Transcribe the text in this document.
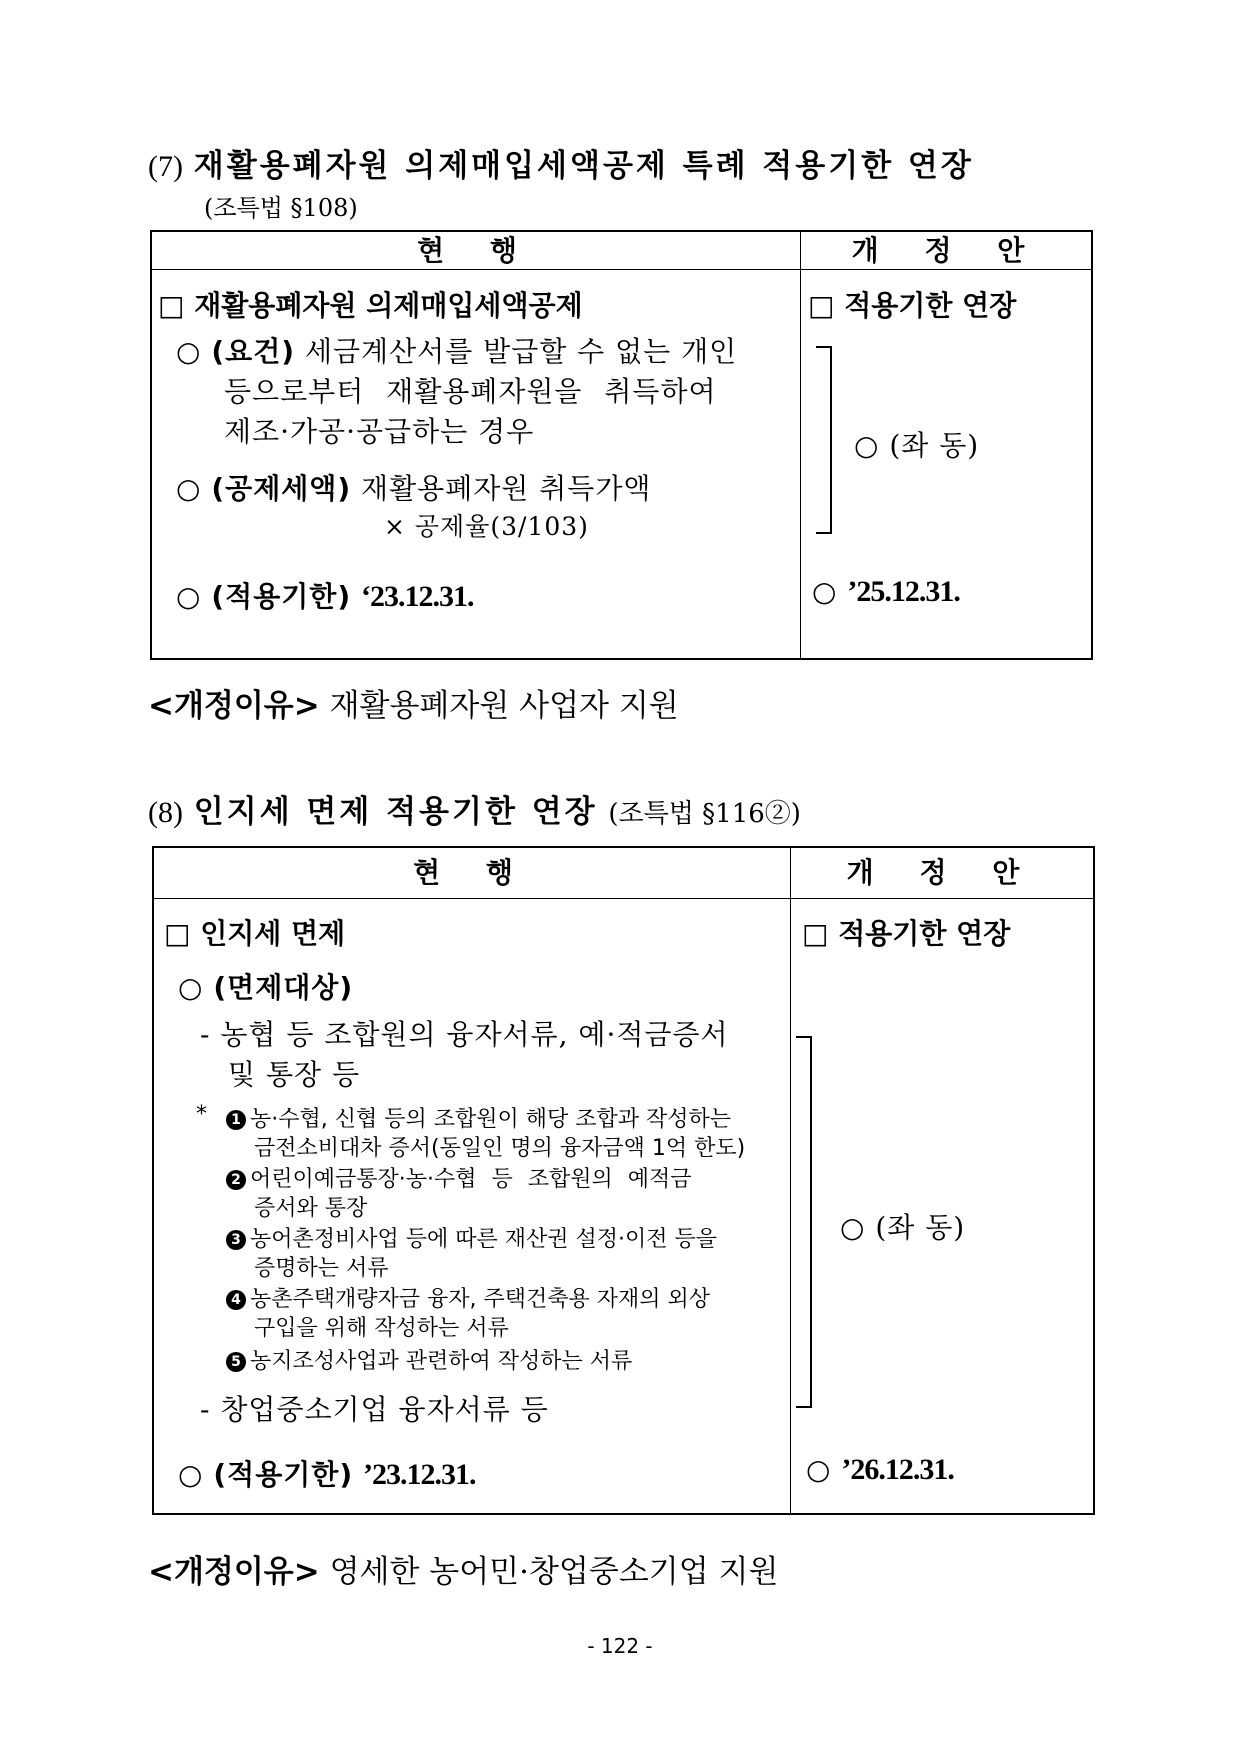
(7) 재활용폐자원 의제매입세액공제 특례 적용기한 연장
(조특법 §108)
현 행	개 정 안
□ 재활용폐자원 의제매입세액공제	□ 적용기한 연장
○ (요건) 세금계산서를 발급할 수 없는 개인
등으로부터 재활용폐자원을 취득하여
제조·가공·공급하는 경우
○ (공제세액) 재활용폐자원 취득가액
× 공제율(3/103)
○ (좌 동)
○ (적용기한) ‘23.12.31.	○ ’25.12.31.
<개정이유> 재활용폐자원 사업자 지원
(8) 인지세 면제 적용기한 연장 (조특법 §116②)
현 행	개 정 안
□ 인지세 면제	□ 적용기한 연장
○ (면제대상)
- 농협 등 조합원의 융자서류, 예·적금증서
및 통장 등
*	1 농·수협, 신협 등의 조합원이 해당 조합과 작성하는
금전소비대차 증서(동일인 명의 융자금액 1억 한도)
2 어린이예금통장·농·수협 등 조합원의 예적금
증서와 통장
3 농어촌정비사업 등에 따른 재산권 설정·이전 등을
증명하는 서류
4 농촌주택개량자금 융자, 주택건축용 자재의 외상
구입을 위해 작성하는 서류
5 농지조성사업과 관련하여 작성하는 서류
- 창업중소기업 융자서류 등
○ (좌 동)
○ (적용기한) ’23.12.31.	○ ’26.12.31.
<개정이유> 영세한 농어민·창업중소기업 지원
- 122 -
